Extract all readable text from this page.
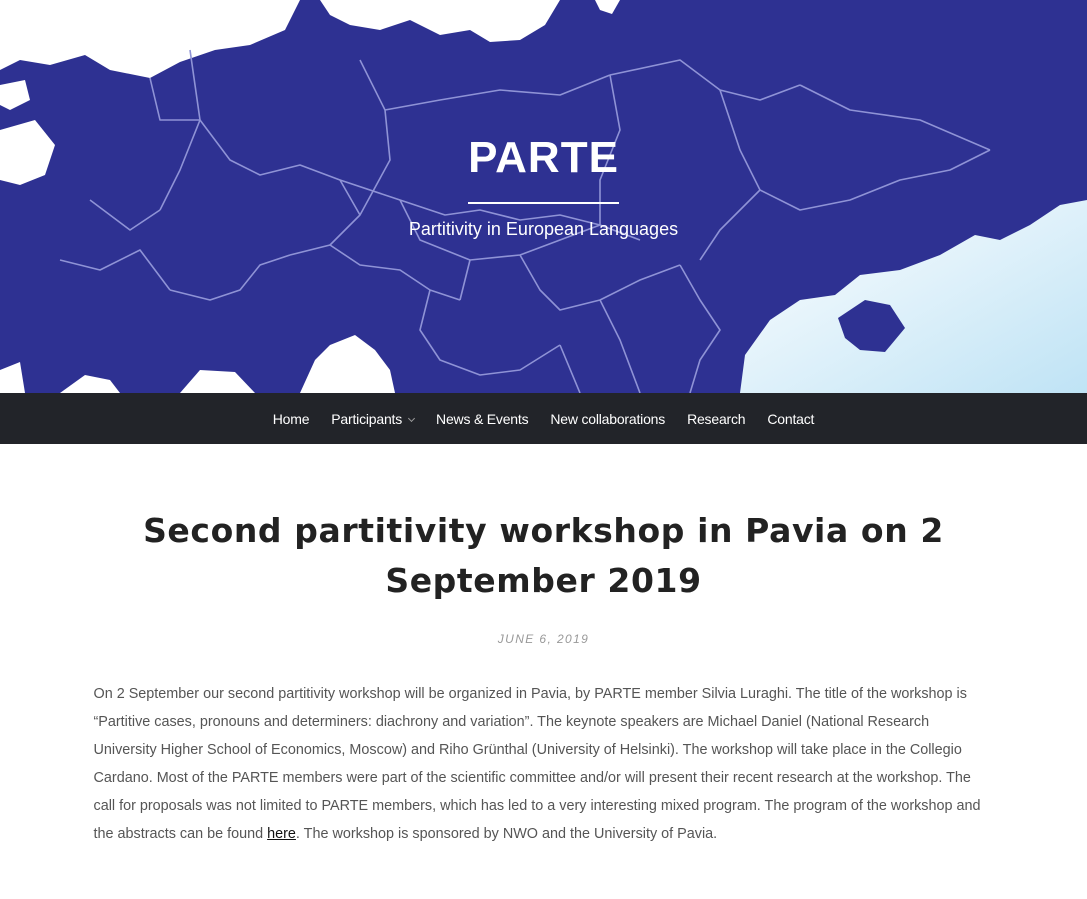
PARTE
Partitivity in European Languages
Home	Participants	News & Events	New collaborations	Research	Contact
Second partitivity workshop in Pavia on 2 September 2019
JUNE 6, 2019

On 2 September our second partitivity workshop will be organized in Pavia, by PARTE member Silvia Luraghi. The title of the workshop is “Partitive cases, pronouns and determiners: diachrony and variation”. The keynote speakers are Michael Daniel (National Research University Higher School of Economics, Moscow) and Riho Grünthal (University of Helsinki). The workshop will take place in the Collegio Cardano. Most of the PARTE members were part of the scientific committee and/or will present their recent research at the workshop. The call for proposals was not limited to PARTE members, which has led to a very interesting mixed program. The program of the workshop and the abstracts can be found here. The workshop is sponsored by NWO and the University of Pavia.
